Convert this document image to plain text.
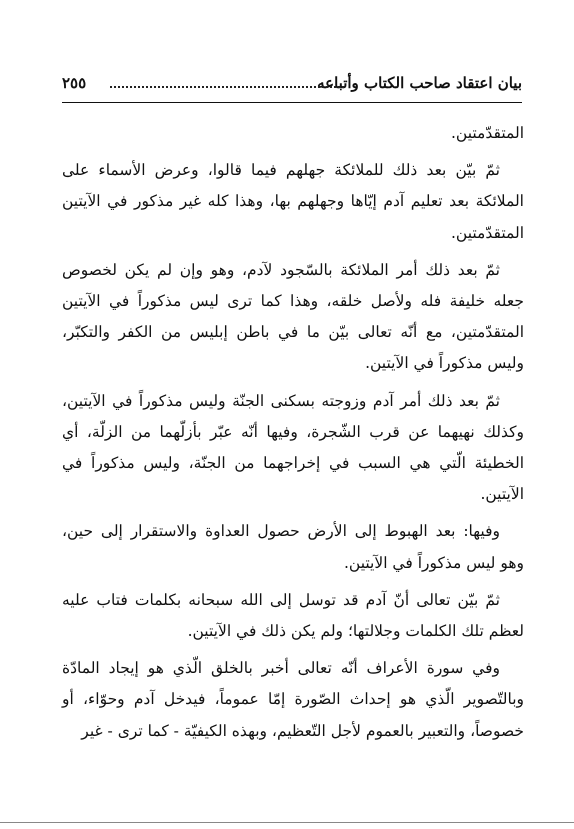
بيان اعتقاد صاحب الكتاب وأتباعه
٢٥٥

المتقدّمتين.

ثمّ بيّن بعد ذلك للملائكة جهلهم فيما قالوا، وعرض الأسماء على الملائكة بعد تعليم آدم إيّاها وجهلهم بها، وهذا كله غير مذكور في الآيتين المتقدّمتين.

ثمّ بعد ذلك أمر الملائكة بالسّجود لآدم، وهو وإن لم يكن لخصوص جعله خليفة فله ولأصل خلقه، وهذا كما ترى ليس مذكوراً في الآيتين المتقدّمتين، مع أنّه تعالى بيّن ما في باطن إبليس من الكفر والتكبّر، وليس مذكوراً في الآيتين.

ثمّ بعد ذلك أمر آدم وزوجته بسكنى الجنّة وليس مذكوراً في الآيتين، وكذلك نهيهما عن قرب الشّجرة، وفيها أنّه عبّر بأزلّهما من الزلّة، أي الخطيئة الّتي هي السبب في إخراجهما من الجنّة، وليس مذكوراً في الآيتين.

وفيها: بعد الهبوط إلى الأرض حصول العداوة والاستقرار إلى حين، وهو ليس مذكوراً في الآيتين.

ثمّ بيّن تعالى أنّ آدم قد توسل إلى الله سبحانه بكلمات فتاب عليه لعظم تلك الكلمات وجلالتها؛ ولم يكن ذلك في الآيتين.

وفي سورة الأعراف أنّه تعالى أخبر بالخلق الّذي هو إيجاد المادّة وبالتّصوير الّذي هو إحداث الصّورة إمّا عموماً، فيدخل آدم وحوّاء، أو خصوصاً، والتعبير بالعموم لأجل التّعظيم، وبهذه الكيفيّة - كما ترى - غير
